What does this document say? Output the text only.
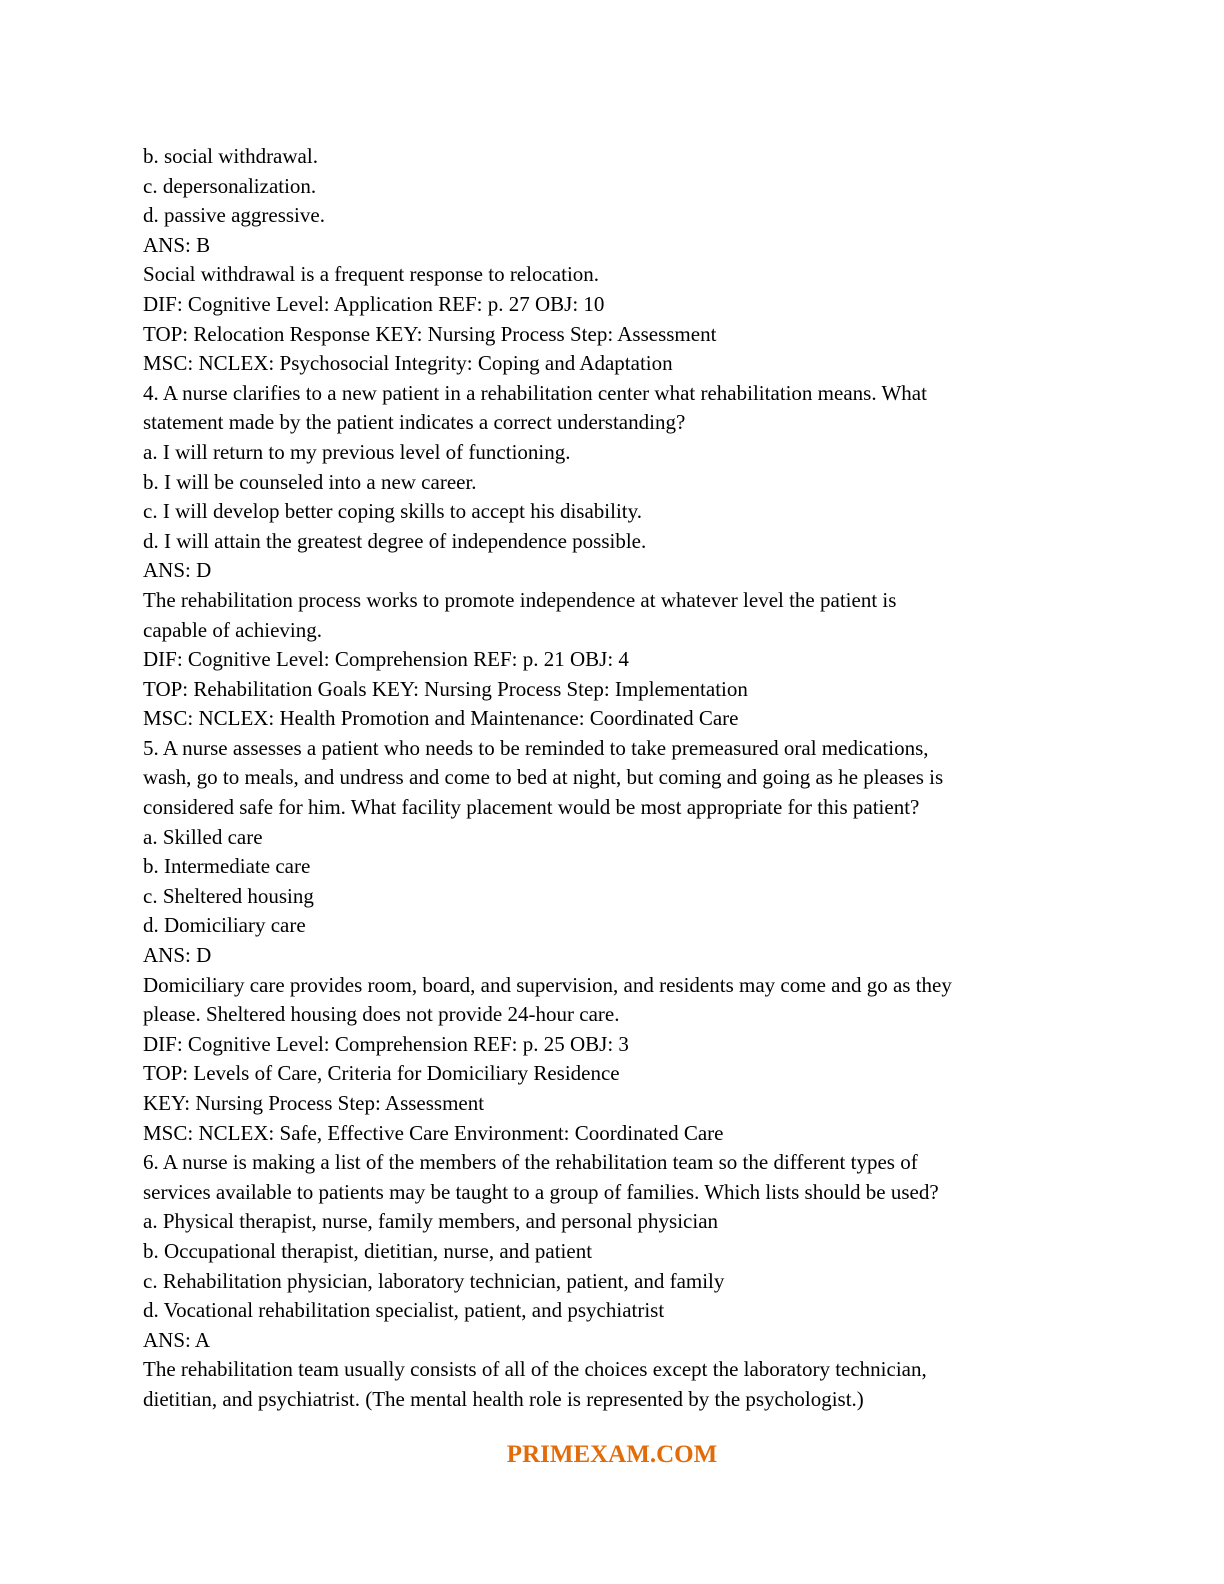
b. social withdrawal.
c. depersonalization.
d. passive aggressive.
ANS: B
Social withdrawal is a frequent response to relocation.
DIF: Cognitive Level: Application REF: p. 27 OBJ: 10
TOP: Relocation Response KEY: Nursing Process Step: Assessment
MSC: NCLEX: Psychosocial Integrity: Coping and Adaptation
4. A nurse clarifies to a new patient in a rehabilitation center what rehabilitation means. What
statement made by the patient indicates a correct understanding?
a. I will return to my previous level of functioning.
b. I will be counseled into a new career.
c. I will develop better coping skills to accept his disability.
d. I will attain the greatest degree of independence possible.
ANS: D
The rehabilitation process works to promote independence at whatever level the patient is
capable of achieving.
DIF: Cognitive Level: Comprehension REF: p. 21 OBJ: 4
TOP: Rehabilitation Goals KEY: Nursing Process Step: Implementation
MSC: NCLEX: Health Promotion and Maintenance: Coordinated Care
5. A nurse assesses a patient who needs to be reminded to take premeasured oral medications,
wash, go to meals, and undress and come to bed at night, but coming and going as he pleases is
considered safe for him. What facility placement would be most appropriate for this patient?
a. Skilled care
b. Intermediate care
c. Sheltered housing
d. Domiciliary care
ANS: D
Domiciliary care provides room, board, and supervision, and residents may come and go as they
please. Sheltered housing does not provide 24-hour care.
DIF: Cognitive Level: Comprehension REF: p. 25 OBJ: 3
TOP: Levels of Care, Criteria for Domiciliary Residence
KEY: Nursing Process Step: Assessment
MSC: NCLEX: Safe, Effective Care Environment: Coordinated Care
6. A nurse is making a list of the members of the rehabilitation team so the different types of
services available to patients may be taught to a group of families. Which lists should be used?
a. Physical therapist, nurse, family members, and personal physician
b. Occupational therapist, dietitian, nurse, and patient
c. Rehabilitation physician, laboratory technician, patient, and family
d. Vocational rehabilitation specialist, patient, and psychiatrist
ANS: A
The rehabilitation team usually consists of all of the choices except the laboratory technician,
dietitian, and psychiatrist. (The mental health role is represented by the psychologist.)
PRIMEXAM.COM
